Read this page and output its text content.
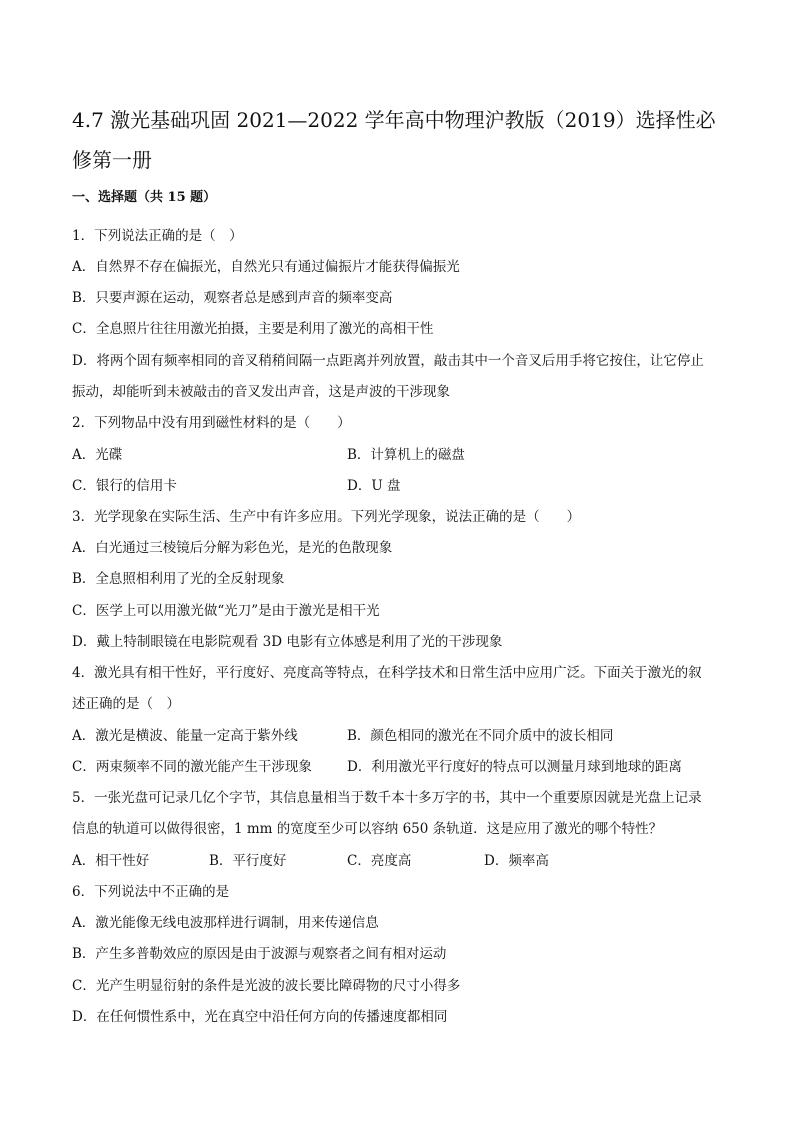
4.7 激光基础巩固 2021—2022 学年高中物理沪教版（2019）选择性必
修第一册
一、选择题（共 15 题）
1．下列说法正确的是（　）
A．自然界不存在偏振光，自然光只有通过偏振片才能获得偏振光
B．只要声源在运动，观察者总是感到声音的频率变高
C．全息照片往往用激光拍摄，主要是利用了激光的高相干性
D．将两个固有频率相同的音叉稍稍间隔一点距离并列放置，敲击其中一个音叉后用手将它按住，让它停止
振动，却能听到未被敲击的音叉发出声音，这是声波的干涉现象
2．下列物品中没有用到磁性材料的是（　　）
A．光碟	B．计算机上的磁盘
C．银行的信用卡	D．U 盘
3．光学现象在实际生活、生产中有许多应用。下列光学现象，说法正确的是（　　）
A．白光通过三棱镜后分解为彩色光，是光的色散现象
B．全息照相利用了光的全反射现象
C．医学上可以用激光做“光刀”是由于激光是相干光
D．戴上特制眼镜在电影院观看 3D 电影有立体感是利用了光的干涉现象
4．激光具有相干性好，平行度好、亮度高等特点，在科学技术和日常生活中应用广泛。下面关于激光的叙
述正确的是（　）
A．激光是横波、能量一定高于紫外线	B．颜色相同的激光在不同介质中的波长相同
C．两束频率不同的激光能产生干涉现象	D．利用激光平行度好的特点可以测量月球到地球的距离
5．一张光盘可记录几亿个字节，其信息量相当于数千本十多万字的书，其中一个重要原因就是光盘上记录
信息的轨道可以做得很密，1 mm 的宽度至少可以容纳 650 条轨道．这是应用了激光的哪个特性？
A．相干性好	B．平行度好	C．亮度高	D．频率高
6．下列说法中不正确的是
A．激光能像无线电波那样进行调制，用来传递信息
B．产生多普勒效应的原因是由于波源与观察者之间有相对运动
C．光产生明显衍射的条件是光波的波长要比障碍物的尺寸小得多
D．在任何惯性系中，光在真空中沿任何方向的传播速度都相同
